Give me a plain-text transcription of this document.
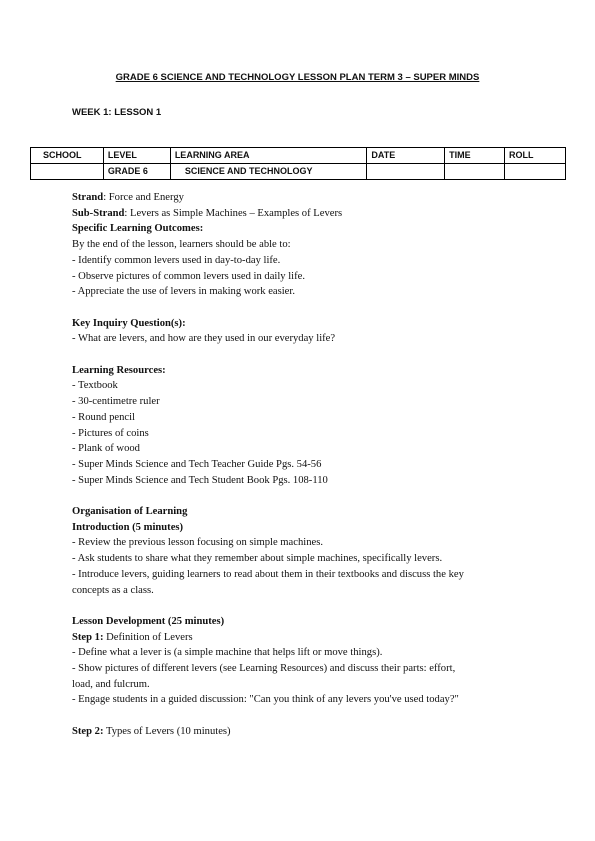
GRADE 6 SCIENCE AND TECHNOLOGY LESSON PLAN TERM 3 – SUPER MINDS
WEEK 1: LESSON 1
SCHOOL	LEVEL	LEARNING AREA	DATE	TIME	ROLL
	GRADE 6	SCIENCE AND TECHNOLOGY			

Strand: Force and Energy

Sub-Strand: Levers as Simple Machines – Examples of Levers

Specific Learning Outcomes:

By the end of the lesson, learners should be able to:

- Identify common levers used in day-to-day life.

- Observe pictures of common levers used in daily life.

- Appreciate the use of levers in making work easier.

Key Inquiry Question(s):

- What are levers, and how are they used in our everyday life?

Learning Resources:

- Textbook

- 30-centimetre ruler

- Round pencil

- Pictures of coins

- Plank of wood

- Super Minds Science and Tech Teacher Guide Pgs. 54-56

- Super Minds Science and Tech Student Book Pgs. 108-110

Organisation of Learning

Introduction (5 minutes)

- Review the previous lesson focusing on simple machines.

- Ask students to share what they remember about simple machines, specifically levers.

- Introduce levers, guiding learners to read about them in their textbooks and discuss the key

concepts as a class.

Lesson Development (25 minutes)

Step 1: Definition of Levers

- Define what a lever is (a simple machine that helps lift or move things).

- Show pictures of different levers (see Learning Resources) and discuss their parts: effort,

load, and fulcrum.

- Engage students in a guided discussion: "Can you think of any levers you've used today?"

Step 2: Types of Levers (10 minutes)
